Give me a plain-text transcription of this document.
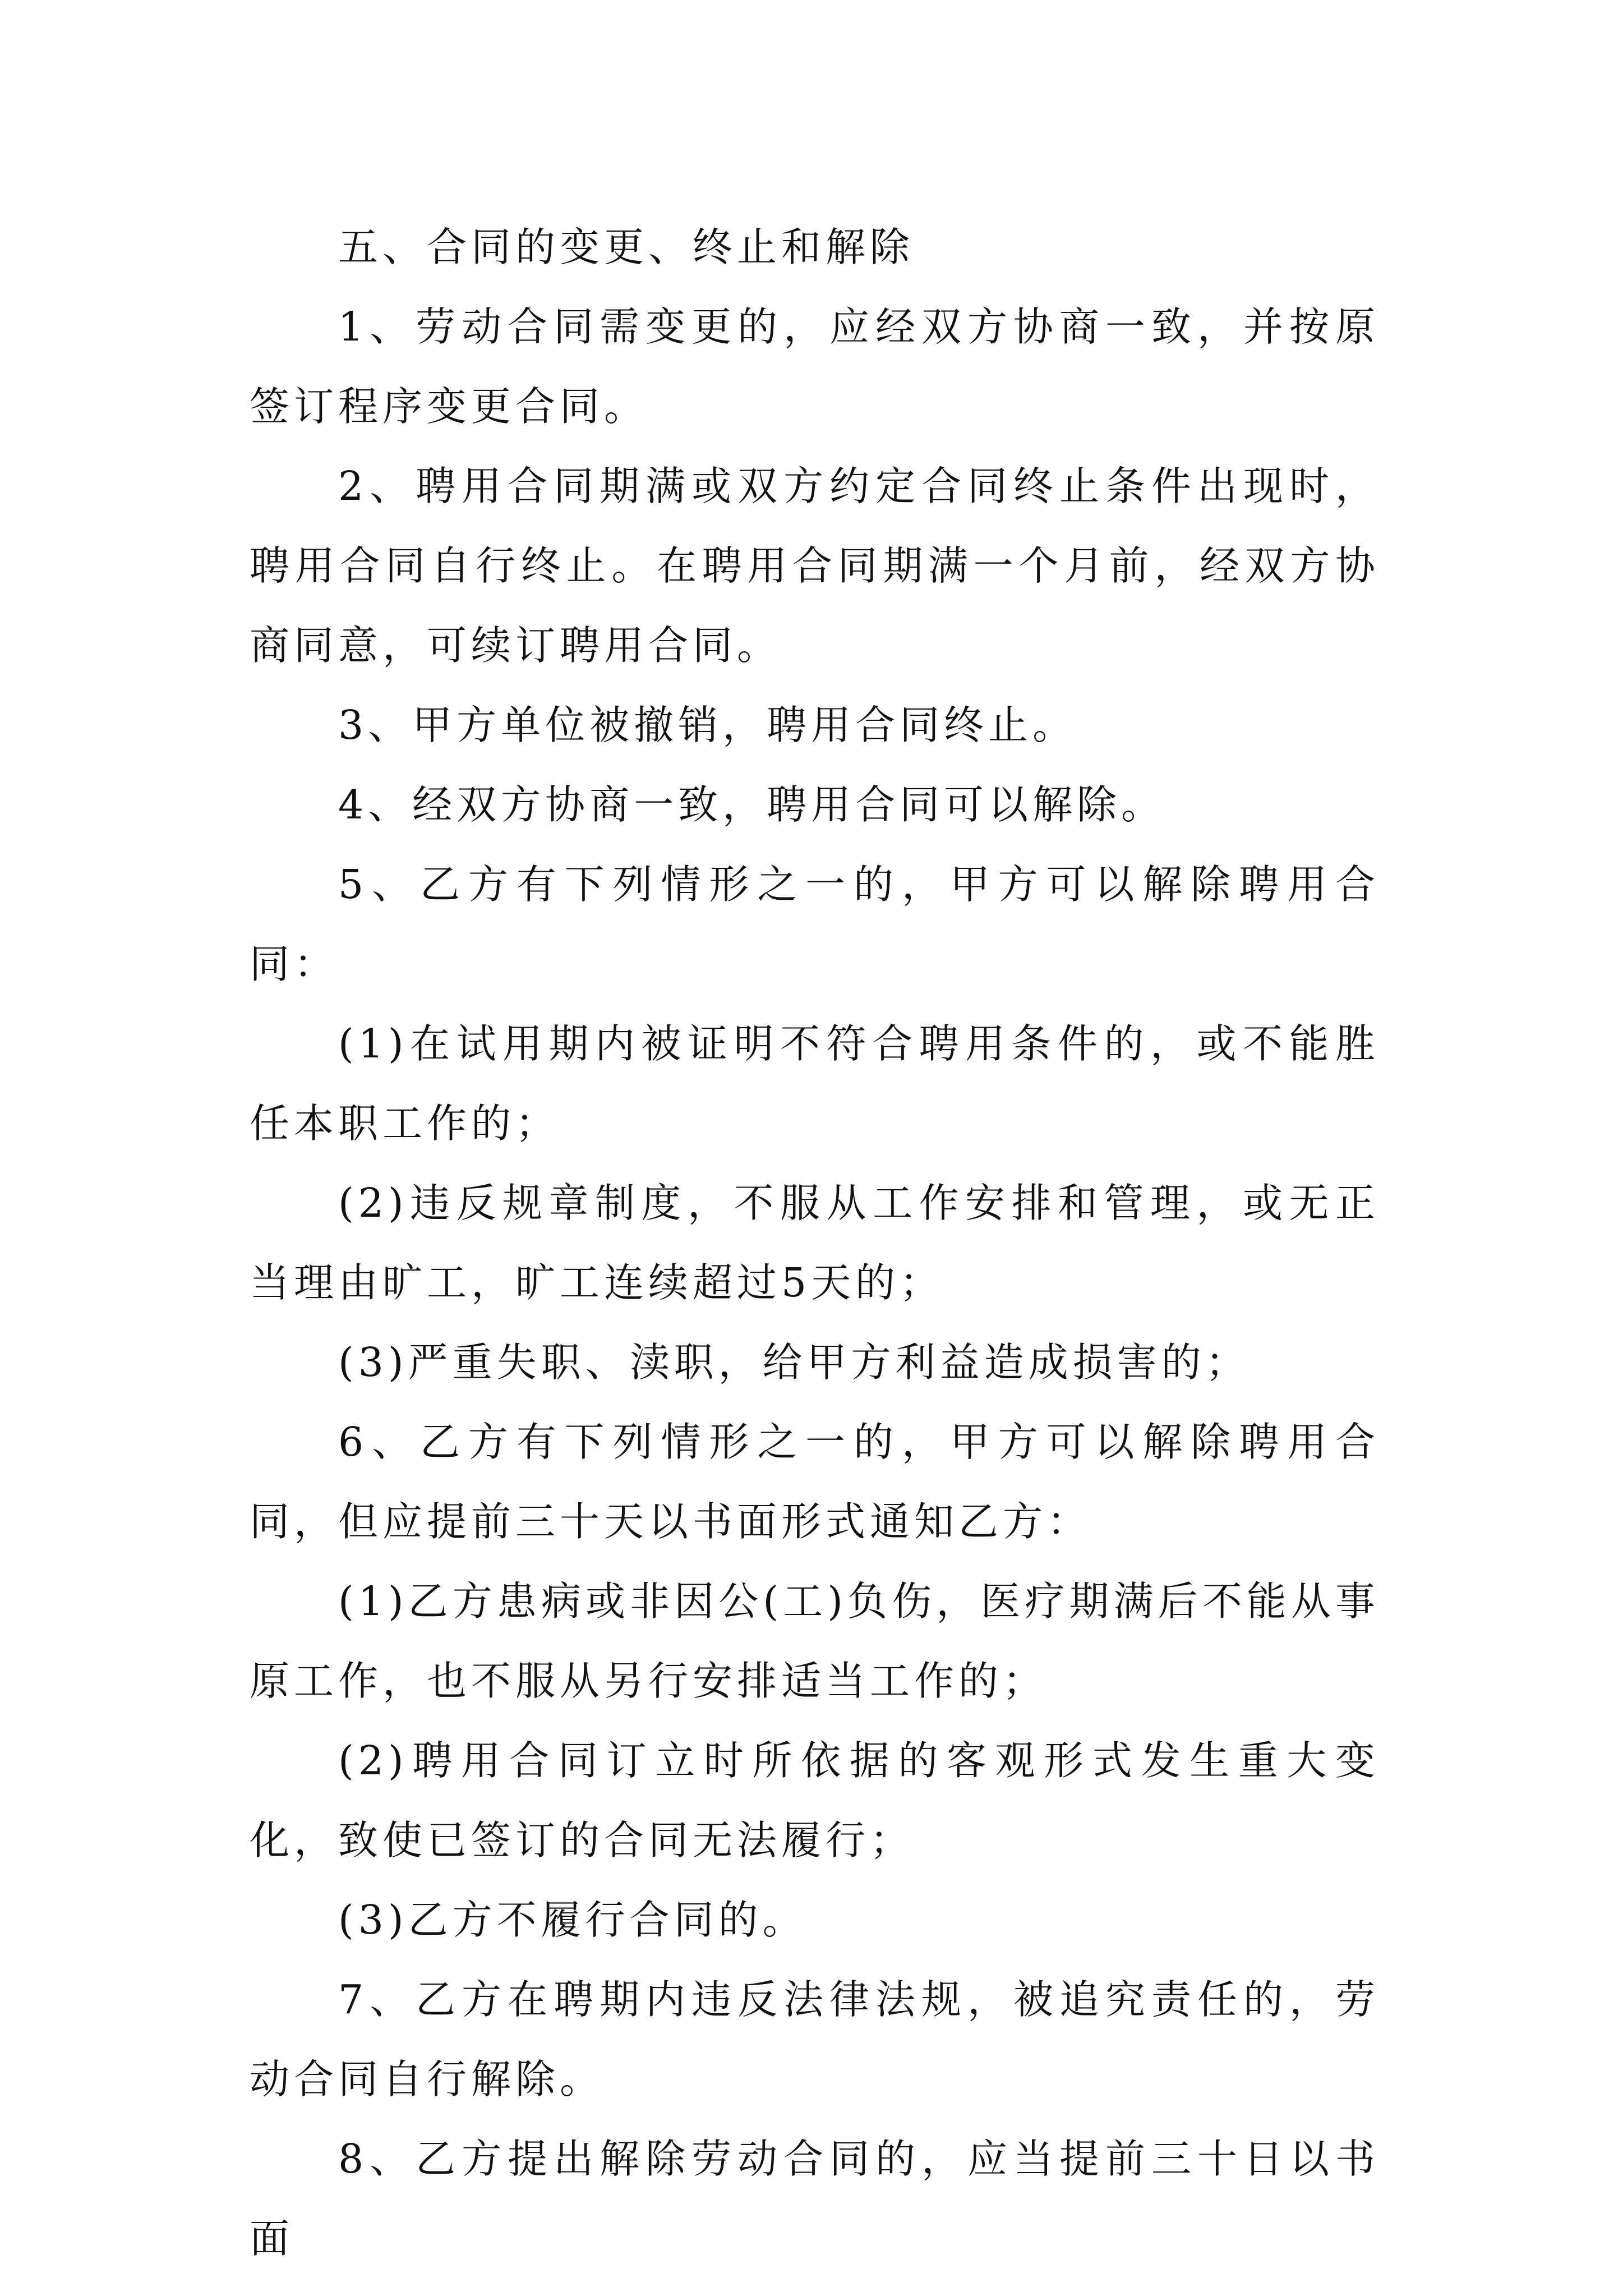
五、合同的变更、终止和解除

1、劳动合同需变更的，应经双方协商一致，并按原签订程序变更合同。

2、聘用合同期满或双方约定合同终止条件出现时，聘用合同自行终止。在聘用合同期满一个月前，经双方协商同意，可续订聘用合同。

3、甲方单位被撤销，聘用合同终止。

4、经双方协商一致，聘用合同可以解除。

5、乙方有下列情形之一的，甲方可以解除聘用合同：

(1)在试用期内被证明不符合聘用条件的，或不能胜任本职工作的；

(2)违反规章制度，不服从工作安排和管理，或无正当理由旷工，旷工连续超过5天的；

(3)严重失职、渎职，给甲方利益造成损害的；

6、乙方有下列情形之一的，甲方可以解除聘用合同，但应提前三十天以书面形式通知乙方：

(1)乙方患病或非因公(工)负伤，医疗期满后不能从事原工作，也不服从另行安排适当工作的；

(2)聘用合同订立时所依据的客观形式发生重大变化，致使已签订的合同无法履行；

(3)乙方不履行合同的。

7、乙方在聘期内违反法律法规，被追究责任的，劳动合同自行解除。

8、乙方提出解除劳动合同的，应当提前三十日以书面
